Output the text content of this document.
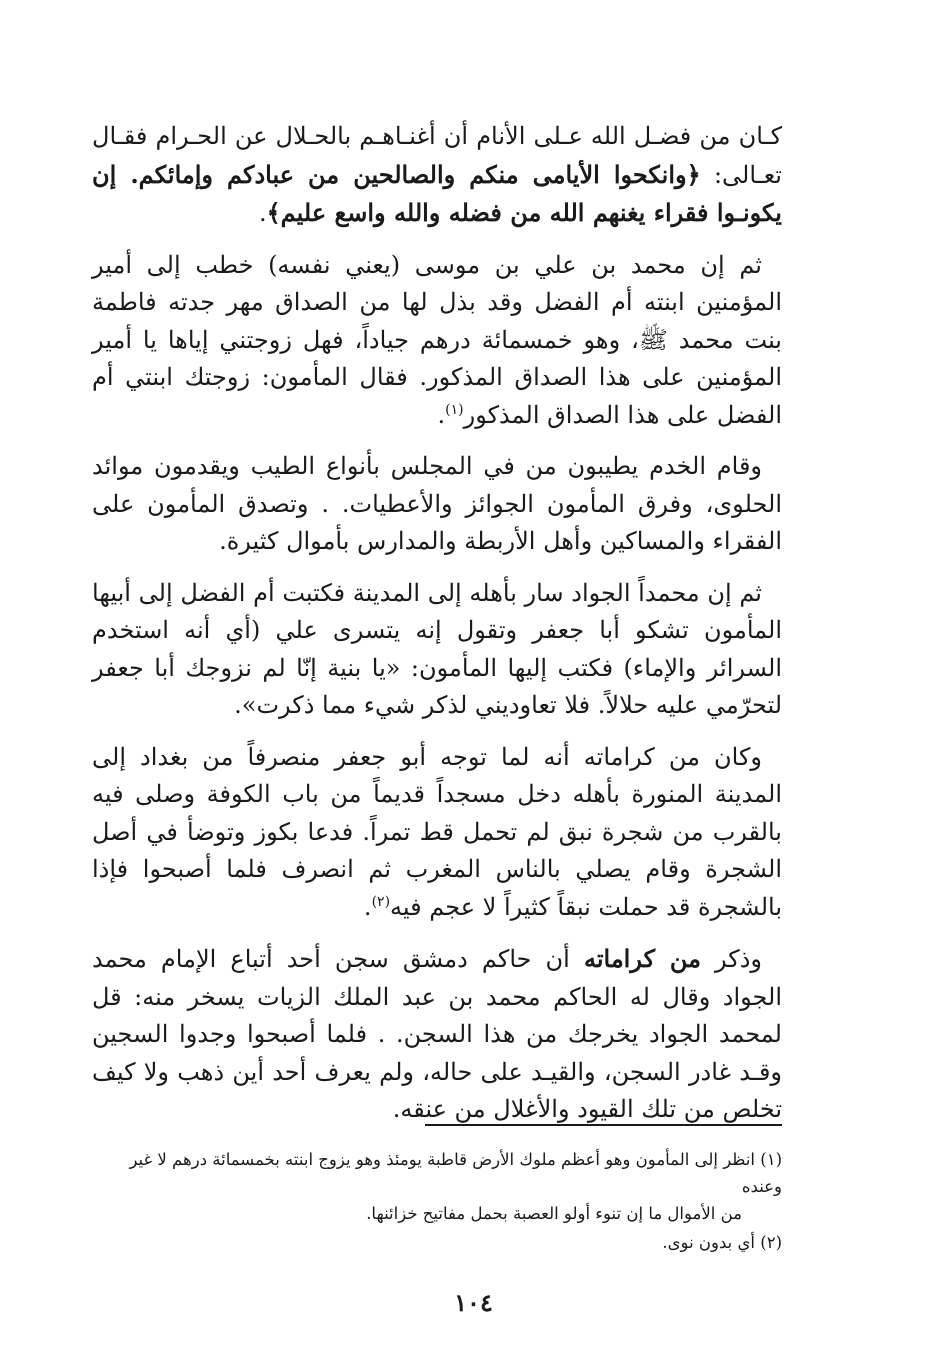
كـان من فضـل الله عـلى الأنام أن أغنـاهـم بالحـلال عن الحـرام فقـال تعـالى: ﴿وانكحوا الأيامى منكم والصالحين من عبادكم وإمائكم. إن يكونـوا فقراء يغنهم الله من فضله والله واسع عليم﴾.

ثم إن محمد بن علي بن موسى (يعني نفسه) خطب إلى أمير المؤمنين ابنته أم الفضل وقد بذل لها من الصداق مهر جدته فاطمة بنت محمد ﷺ، وهو خمسمائة درهم جياداً، فهل زوجتني إياها يا أمير المؤمنين على هذا الصداق المذكور. فقال المأمون: زوجتك ابنتي أم الفضل على هذا الصداق المذكور$^{(١)}$.

وقام الخدم يطيبون من في المجلس بأنواع الطيب ويقدمون موائد الحلوى، وفرق المأمون الجوائز والأعطيات. . وتصدق المأمون على الفقراء والمساكين وأهل الأربطة والمدارس بأموال كثيرة.

ثم إن محمداً الجواد سار بأهله إلى المدينة فكتبت أم الفضل إلى أبيها المأمون تشكو أبا جعفر وتقول إنه يتسرى علي (أي أنه استخدم السرائر والإماء) فكتب إليها المأمون: «يا بنية إنّا لم نزوجك أبا جعفر لتحرّمي عليه حلالاً. فلا تعاوديني لذكر شيء مما ذكرت».

وكان من كراماته أنه لما توجه أبو جعفر منصرفاً من بغداد إلى المدينة المنورة بأهله دخل مسجداً قديماً من باب الكوفة وصلى فيه بالقرب من شجرة نبق لم تحمل قط تمراً. فدعا بكوز وتوضأ في أصل الشجرة وقام يصلي بالناس المغرب ثم انصرف فلما أصبحوا فإذا بالشجرة قد حملت نبقاً كثيراً لا عجم فيه$^{(٢)}$.

وذكر من كراماته أن حاكم دمشق سجن أحد أتباع الإمام محمد الجواد وقال له الحاكم محمد بن عبد الملك الزيات يسخر منه: قل لمحمد الجواد يخرجك من هذا السجن. . فلما أصبحوا وجدوا السجين وقـد غادر السجن، والقيـد على حاله، ولم يعرف أحد أين ذهب ولا كيف تخلص من تلك القيود والأغلال من عنقه.

(١) انظر إلى المأمون وهو أعظم ملوك الأرض قاطبة يومئذ وهو يزوج ابنته بخمسمائة درهم لا غير وعنده
من الأموال ما إن تنوء أولو العصبة بحمل مفاتيح خزائنها.
(٢) أي بدون نوى.
١٠٤
